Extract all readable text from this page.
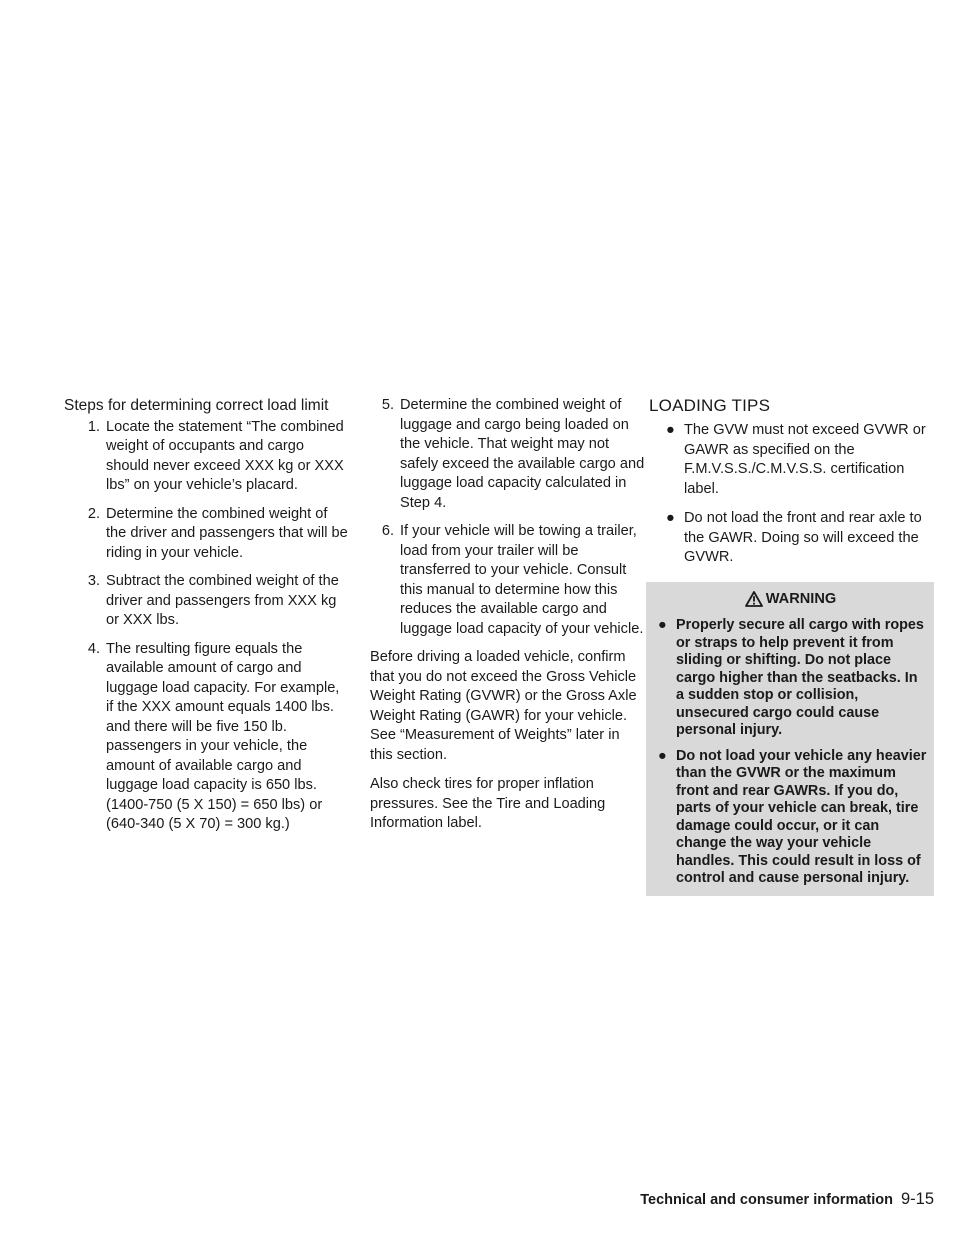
Steps for determining correct load limit
1. Locate the statement “The combined weight of occupants and cargo should never exceed XXX kg or XXX lbs” on your vehicle’s placard.
2. Determine the combined weight of the driver and passengers that will be riding in your vehicle.
3. Subtract the combined weight of the driver and passengers from XXX kg or XXX lbs.
4. The resulting figure equals the available amount of cargo and luggage load capacity. For example, if the XXX amount equals 1400 lbs. and there will be five 150 lb. passengers in your vehicle, the amount of available cargo and luggage load capacity is 650 lbs. (1400-750 (5 X 150) = 650 lbs) or (640-340 (5 X 70) = 300 kg.)
5. Determine the combined weight of luggage and cargo being loaded on the vehicle. That weight may not safely exceed the available cargo and luggage load capacity calculated in Step 4.
6. If your vehicle will be towing a trailer, load from your trailer will be transferred to your vehicle. Consult this manual to determine how this reduces the available cargo and luggage load capacity of your vehicle.

Before driving a loaded vehicle, confirm that you do not exceed the Gross Vehicle Weight Rating (GVWR) or the Gross Axle Weight Rating (GAWR) for your vehicle. See “Measurement of Weights” later in this section.

Also check tires for proper inflation pressures. See the Tire and Loading Information label.

LOADING TIPS
● The GVW must not exceed GVWR or GAWR as specified on the F.M.V.S.S./C.M.V.S.S. certification label.
● Do not load the front and rear axle to the GAWR. Doing so will exceed the GVWR.
WARNING
● Properly secure all cargo with ropes or straps to help prevent it from sliding or shifting. Do not place cargo higher than the seatbacks. In a sudden stop or collision, unsecured cargo could cause personal injury.
● Do not load your vehicle any heavier than the GVWR or the maximum front and rear GAWRs. If you do, parts of your vehicle can break, tire damage could occur, or it can change the way your vehicle handles. This could result in loss of control and cause personal injury.
Technical and consumer information 9-15
